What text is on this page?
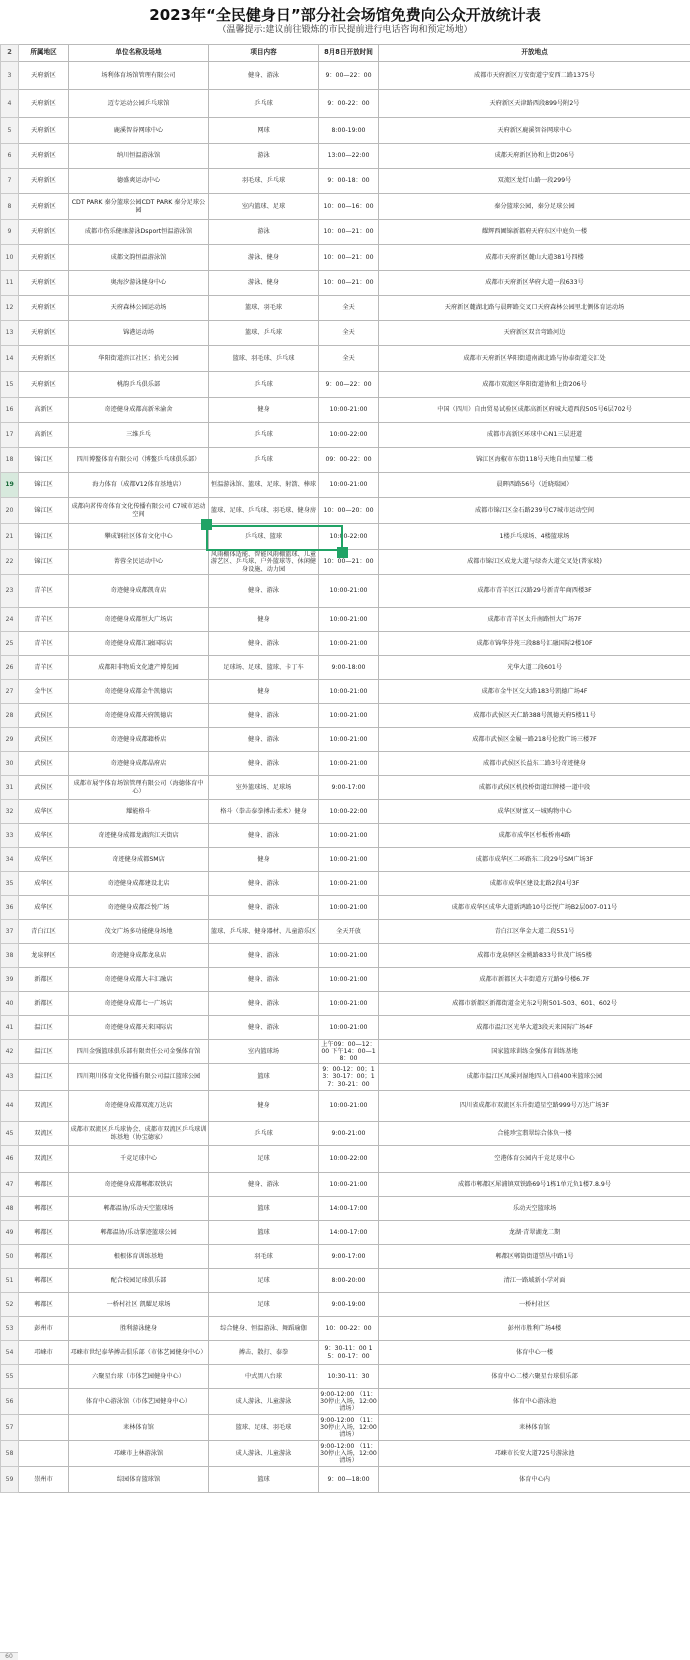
2023年“全民健身日”部分社会场馆免费向公众开放统计表
（温馨提示:建议前往锻炼的市民提前进行电话咨询和预定场地）
2	所属地区	单位名称及场地	项目内容	8月8日开放时间	开放地点
3	天府新区	场利体育场馆管理有限公司	健身、游泳	9：00—22：00	成都市天府新区万安街道宁安西二路1375号
4	天府新区	迈专运动公园乒乓球馆	乒乓球	9：00-22：00	天府新区天津路西段899号附2号
5	天府新区	鹿溪智谷网球中心	网球	8:00-19:00	天府新区鹿溪智谷网球中心
6	天府新区	纳川恒温游泳馆	游泳	13:00—22:00	成都天府新区协和上街206号
7	天府新区	德盛爽运动中心	羽毛球、乒乓球	9：00-18：00	双流区龙灯山路一段299号
8	天府新区	CDT PARK 秦分篮球公园CDT PARK 秦分足球公园	室内篮球、足球	10：00—16：00	秦分篮球公园，秦分足球公园
9	天府新区	成都市伤乐健康游泳Dsport恒温游泳馆	游泳	10：00—21：00	耀辉西圃锦新都府天府东区中庭负一楼
10	天府新区	成都文韵恒温游泳馆	游泳、健身	10：00—21：00	成都市天府新区麓山大道381号四楼
11	天府新区	奥海汐游泳健身中心	游泳、健身	10：00—21：00	成都市天府新区华府大道一段633号
12	天府新区	天府森林公园运动场	篮球、羽毛球	全天	天府新区麓湖北路与晨晖路交叉口天府森林公园里北侧体育运动场
13	天府新区	锦港运动场	篮球、乒乓球	全天	天府新区双音弯路河边
14	天府新区	华阳街道滨江社区；拾光公园	篮球、羽毛球、乒乓球	全天	成都市天府新区华阳街道南湖北路与协泰街道交汇处
15	天府新区	桃韵乒乓俱乐部	乒乓球	9：00—22：00	成都市双流区华阳街道协和上街206号
16	高新区	奇迹健身成都高新米渝舍	健身	10:00-21:00	中国（四川）自由贸易试验区成都高新区府城大道西段505号6层702号
17	高新区	三维乒乓	乒乓球	10:00-22:00	成都市高新区环球中心N1三层进道
18	锦江区	四川博鳌体育有限公司（博鳌乒乓球俱乐部）	乒乓球	09：00-22：00	锦江区海椒市东街118号天地自由星耀二楼
19	锦江区	海力体育（成都V12体育基地店）	恒温游泳馆、篮球、足球、射箭、棒球	10:00-21:00	晨晖西路56号（近晓瑞园）
20	锦江区	成都向茗传奇体育文化传播有限公司 C7城市运动空间	篮球、足球、乒乓球、羽毛球、健身房	10：00—20：00	成都市锦江区金石路239号C7城市运动空间
21	锦江区	攀成钢社区体育文化中心	乒乓球、篮球	10:00-22:00	1楼乒乓球场、4楼篮球场
22	锦江区	菁蓉全民运动中心	风雨棚体适能、智能风雨棚篮球、儿童游艺区、乒乓球、户外篮球等、休闲健身设施、动力园	10：00—21：00	成都市锦江区成龙大道与绿杏大道交叉处(普家坡)
23	青羊区	奇迹健身成都凯奇店	健身、游泳	10:00-21:00	成都市青羊区江汉路29号新青年商西楼3F
24	青羊区	奇迹健身成都恒大广场店	健身	10:00-21:00	成都市青羊区太升南路恒大广场7F
25	青羊区	奇迹健身成都汇融国际店	健身、游泳	10:00-21:00	成都市锦华芬苑三段88号汇融国际2楼10F
26	青羊区	成都阳非物质文化遗产博览园	足球场、足球、篮球、卡丁车	9:00-18:00	光华大道二段601号
27	金牛区	奇迹健身成都金牛凯德店	健身	10:00-21:00	成都市金牛区交大路183号凯德广场4F
28	武侯区	奇迹健身成都天府凯德店	健身、游泳	10:00-21:00	成都市武侯区天仁路388号凯德天府5楼11号
29	武侯区	奇迹健身成都籍桥店	健身、游泳	10:00-21:00	成都市武侯区金履一路218号伦敦广场三楼7F
30	武侯区	奇迹健身成都晶府店	健身、游泳	10:00-21:00	成都市武侯区长益东二路3号奇迹健身
31	武侯区	成都市展宇体育场馆管理有限公司（海德体育中心）	室外篮球场、足球场	9:00-17:00	成都市武侯区机投桥街道红牌楼一道中段
32	成华区	耀能格斗	格斗（拳击泰拳搏击柔术）健身	10:00-22:00	成华区财富又一城购物中心
33	成华区	奇迹健身成都龙湖滨江天街店	健身、游泳	10:00-21:00	成都市成华区杉板桥南4路
34	成华区	奇迹健身成都SM店	健身	10:00-21:00	成都市成华区二环路东二段29号SM广场3F
35	成华区	奇迹健身成都建设北店	健身、游泳	10:00-21:00	成都市成华区建设北路2段4号3F
36	成华区	奇迹健身成都泛悦广场	健身、游泳	10:00-21:00	成都市成华区成华大道新鸿路10号泛悦广场B2层007-011号
37	青白江区	茂文广场多功能健身场地	篮球、乒乓球、健身器材、儿童游乐区	全天开放	青白江区华金大道二段551号
38	龙泉驿区	奇迹健身成都龙泉店	健身、游泳	10:00-21:00	成都市龙泉驿区金桃路833号世茂广场5楼
39	新都区	奇迹健身成都大丰汇融店	健身、游泳	10:00-21:00	成都市新都区大丰街道方元路9号楼6.7F
40	新都区	奇迹健身成都七一广场店	健身、游泳	10:00-21:00	成都市新都区新都街道金光东2号附501-503、601、602号
41	温江区	奇迹健身成都天来国际店	健身、游泳	10:00-21:00	成都市温江区光华大道3段天来国际广场4F
42	温江区	四川金强篮球俱乐部有限责任公司金强体育馆	室内篮球场	上午09：00—12：00 下午14：00—18：00	国家篮球训练金强体育训练基地
43	温江区	四川翔川体育文化传播有限公司温江篮球公园	篮球	9：00-12：00；13：30-17：00；17：30-21：00	成都市温江区凤溪河湿地四入口前400米篮球公园
44	双流区	奇迹健身成都双流万达店	健身	10:00-21:00	四川省成都市双流区东升街道星空路999号万达广场3F
45	双流区	成都市双流区乒乓球协会、成都市双流区乒乓球训练基地（协宝德家）	乒乓球	9:00-21:00	合能珍宝翡翠综合体负一楼
46	双流区	千竞足球中心	足球	10:00-22:00	空港体育公园内千竞足球中心
47	郫都区	奇迹健身成都郫都双铁店	健身、游泳	10:00-21:00	成都市郫都区犀浦镇双铁路69号1栋1单元负1楼7.8.9号
48	郫都区	郫都温协/乐动天空篮球场	篮球	14:00-17:00	乐动天空篮球场
49	郫都区	郫都温协/乐动掌迹篮球公园	篮球	14:00-17:00	龙湖·青翠湖龙二期
50	郫都区	根根体育训练基地	羽毛球	9:00-17:00	郫都区郫筒街道望丛中路1号
51	郫都区	配合校园足球俱乐部	足球	8:00-20:00	清江一路域新小学对面
52	郫都区	一桥村社区 凯耀足球场	足球	9:00-19:00	一桥村社区
53	彭州市	胜利游泳健身	综合健身、恒温游泳、舞蹈瑜伽	10：00-22：00	彭州市胜利广场4楼
54	邛崃市	邛崃市世纪泰华搏击俱乐部（市体艺园健身中心）	搏击、散打、泰拳	9：30-11：00 15：00-17：00	体育中心一楼
55		六聚星台球（市体艺园健身中心）	中式黑八台球	10:30-11：30	体育中心二楼六聚星台球俱乐部
56		体育中心游泳馆（市体艺园健身中心）	成人游泳、儿童游泳	9:00-12:00 （11：30停止入场，12:00清场）	体育中心游泳池
57		耒林体育馆	篮球、足球、羽毛球	9:00-12:00 （11：30停止入场，12:00清场）	耒林体育馆
58		邛崃市上林游泳馆	成人游泳、儿童游泳	9:00-12:00 （11：30停止入场，12:00清场）	邛崃市长安大道725号游泳池
59	崇州市	综园体育篮球馆	篮球	9：00—18:00	体育中心内
60
